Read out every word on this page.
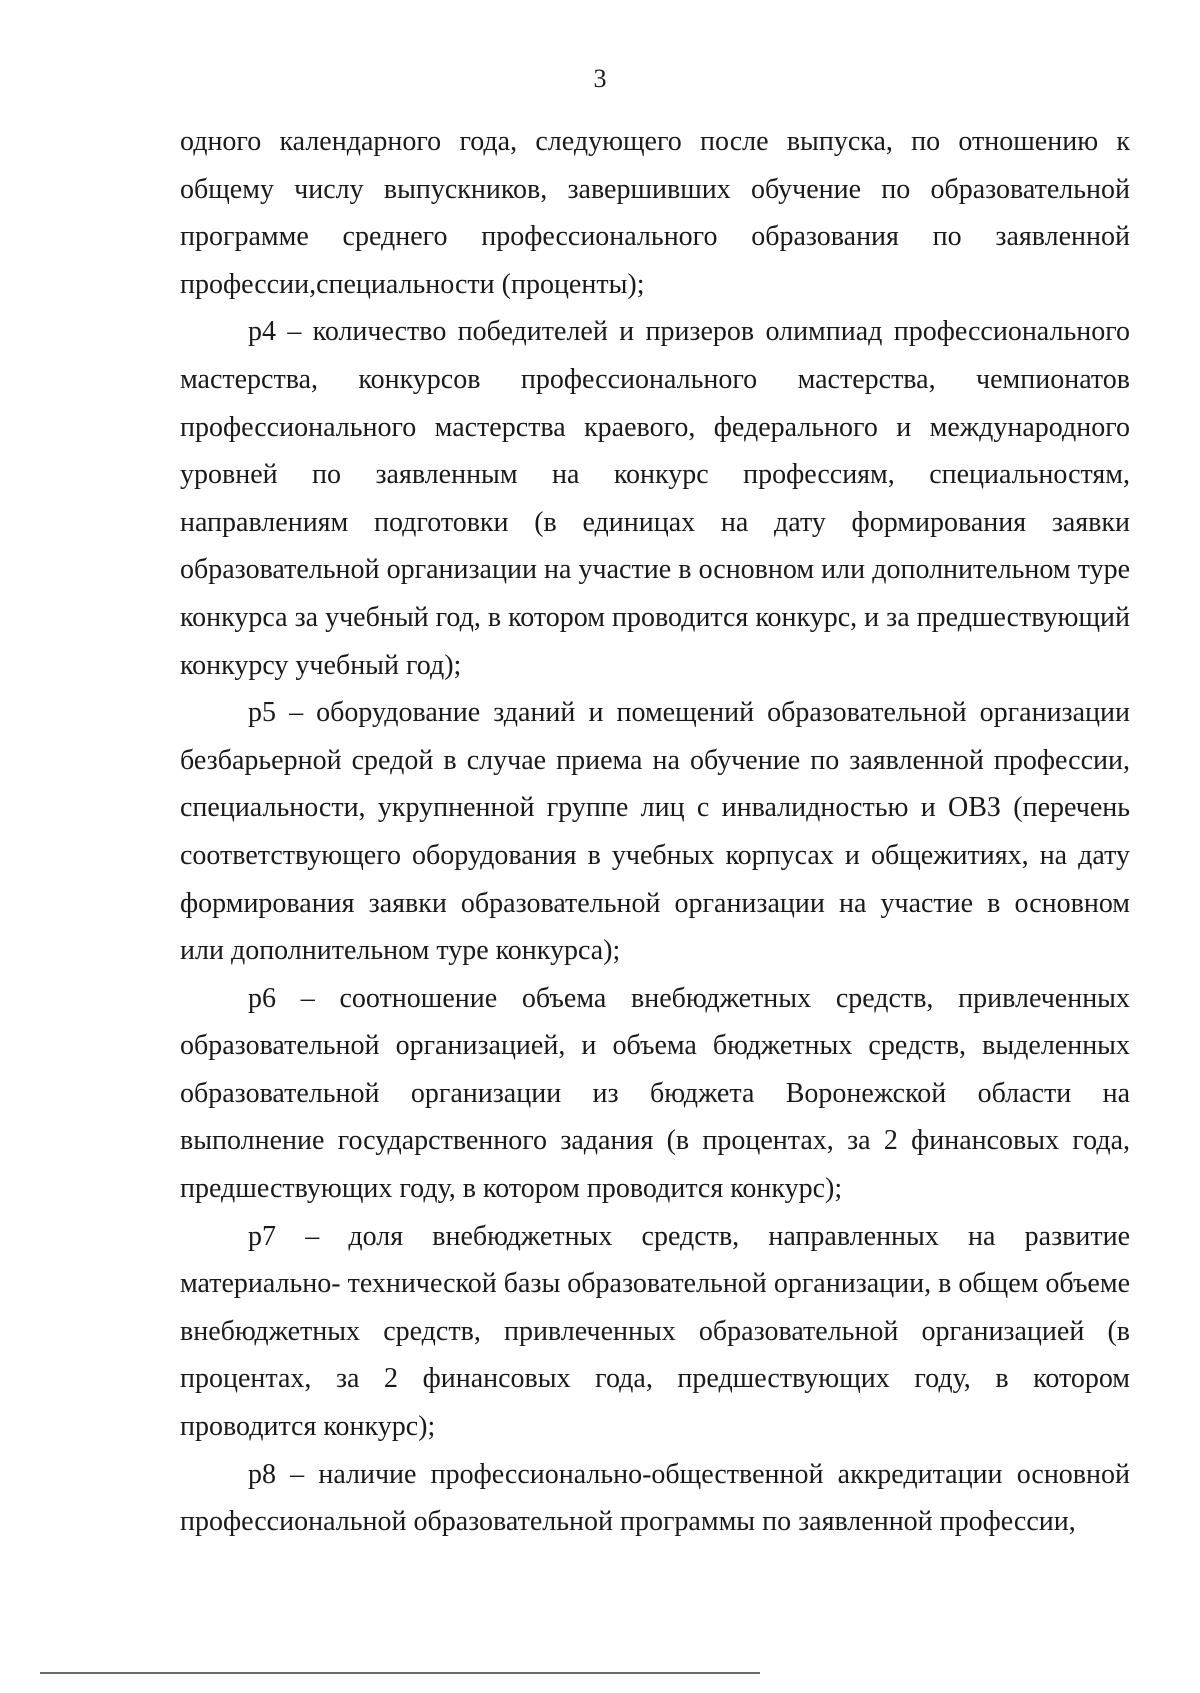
3

одного календарного года, следующего после выпуска, по отношению к общему числу выпускников, завершивших обучение по образовательной программе среднего профессионального образования по заявленной профессии,специальности (проценты);

p4 – количество победителей и призеров олимпиад профессионального мастерства, конкурсов профессионального мастерства, чемпионатов профессионального мастерства краевого, федерального и международного уровней по заявленным на конкурс профессиям, специальностям, направлениям подготовки (в единицах на дату формирования заявки образовательной организации на участие в основном или дополнительном туре конкурса за учебный год, в котором проводится конкурс, и за предшествующий конкурсу учебный год);

p5 – оборудование зданий и помещений образовательной организации безбарьерной средой в случае приема на обучение по заявленной профессии, специальности, укрупненной группе лиц с инвалидностью и ОВЗ (перечень соответствующего оборудования в учебных корпусах и общежитиях, на дату формирования заявки образовательной организации на участие в основном или дополнительном туре конкурса);

p6 – соотношение объема внебюджетных средств, привлеченных образовательной организацией, и объема бюджетных средств, выделенных образовательной организации из бюджета Воронежской области на выполнение государственного задания (в процентах, за 2 финансовых года, предшествующих году, в котором проводится конкурс);

p7 – доля внебюджетных средств, направленных на развитие материально- технической базы образовательной организации, в общем объеме внебюджетных средств, привлеченных образовательной организацией (в процентах, за 2 финансовых года, предшествующих году, в котором проводится конкурс);

p8 – наличие профессионально-общественной аккредитации основной профессиональной образовательной программы по заявленной профессии,
